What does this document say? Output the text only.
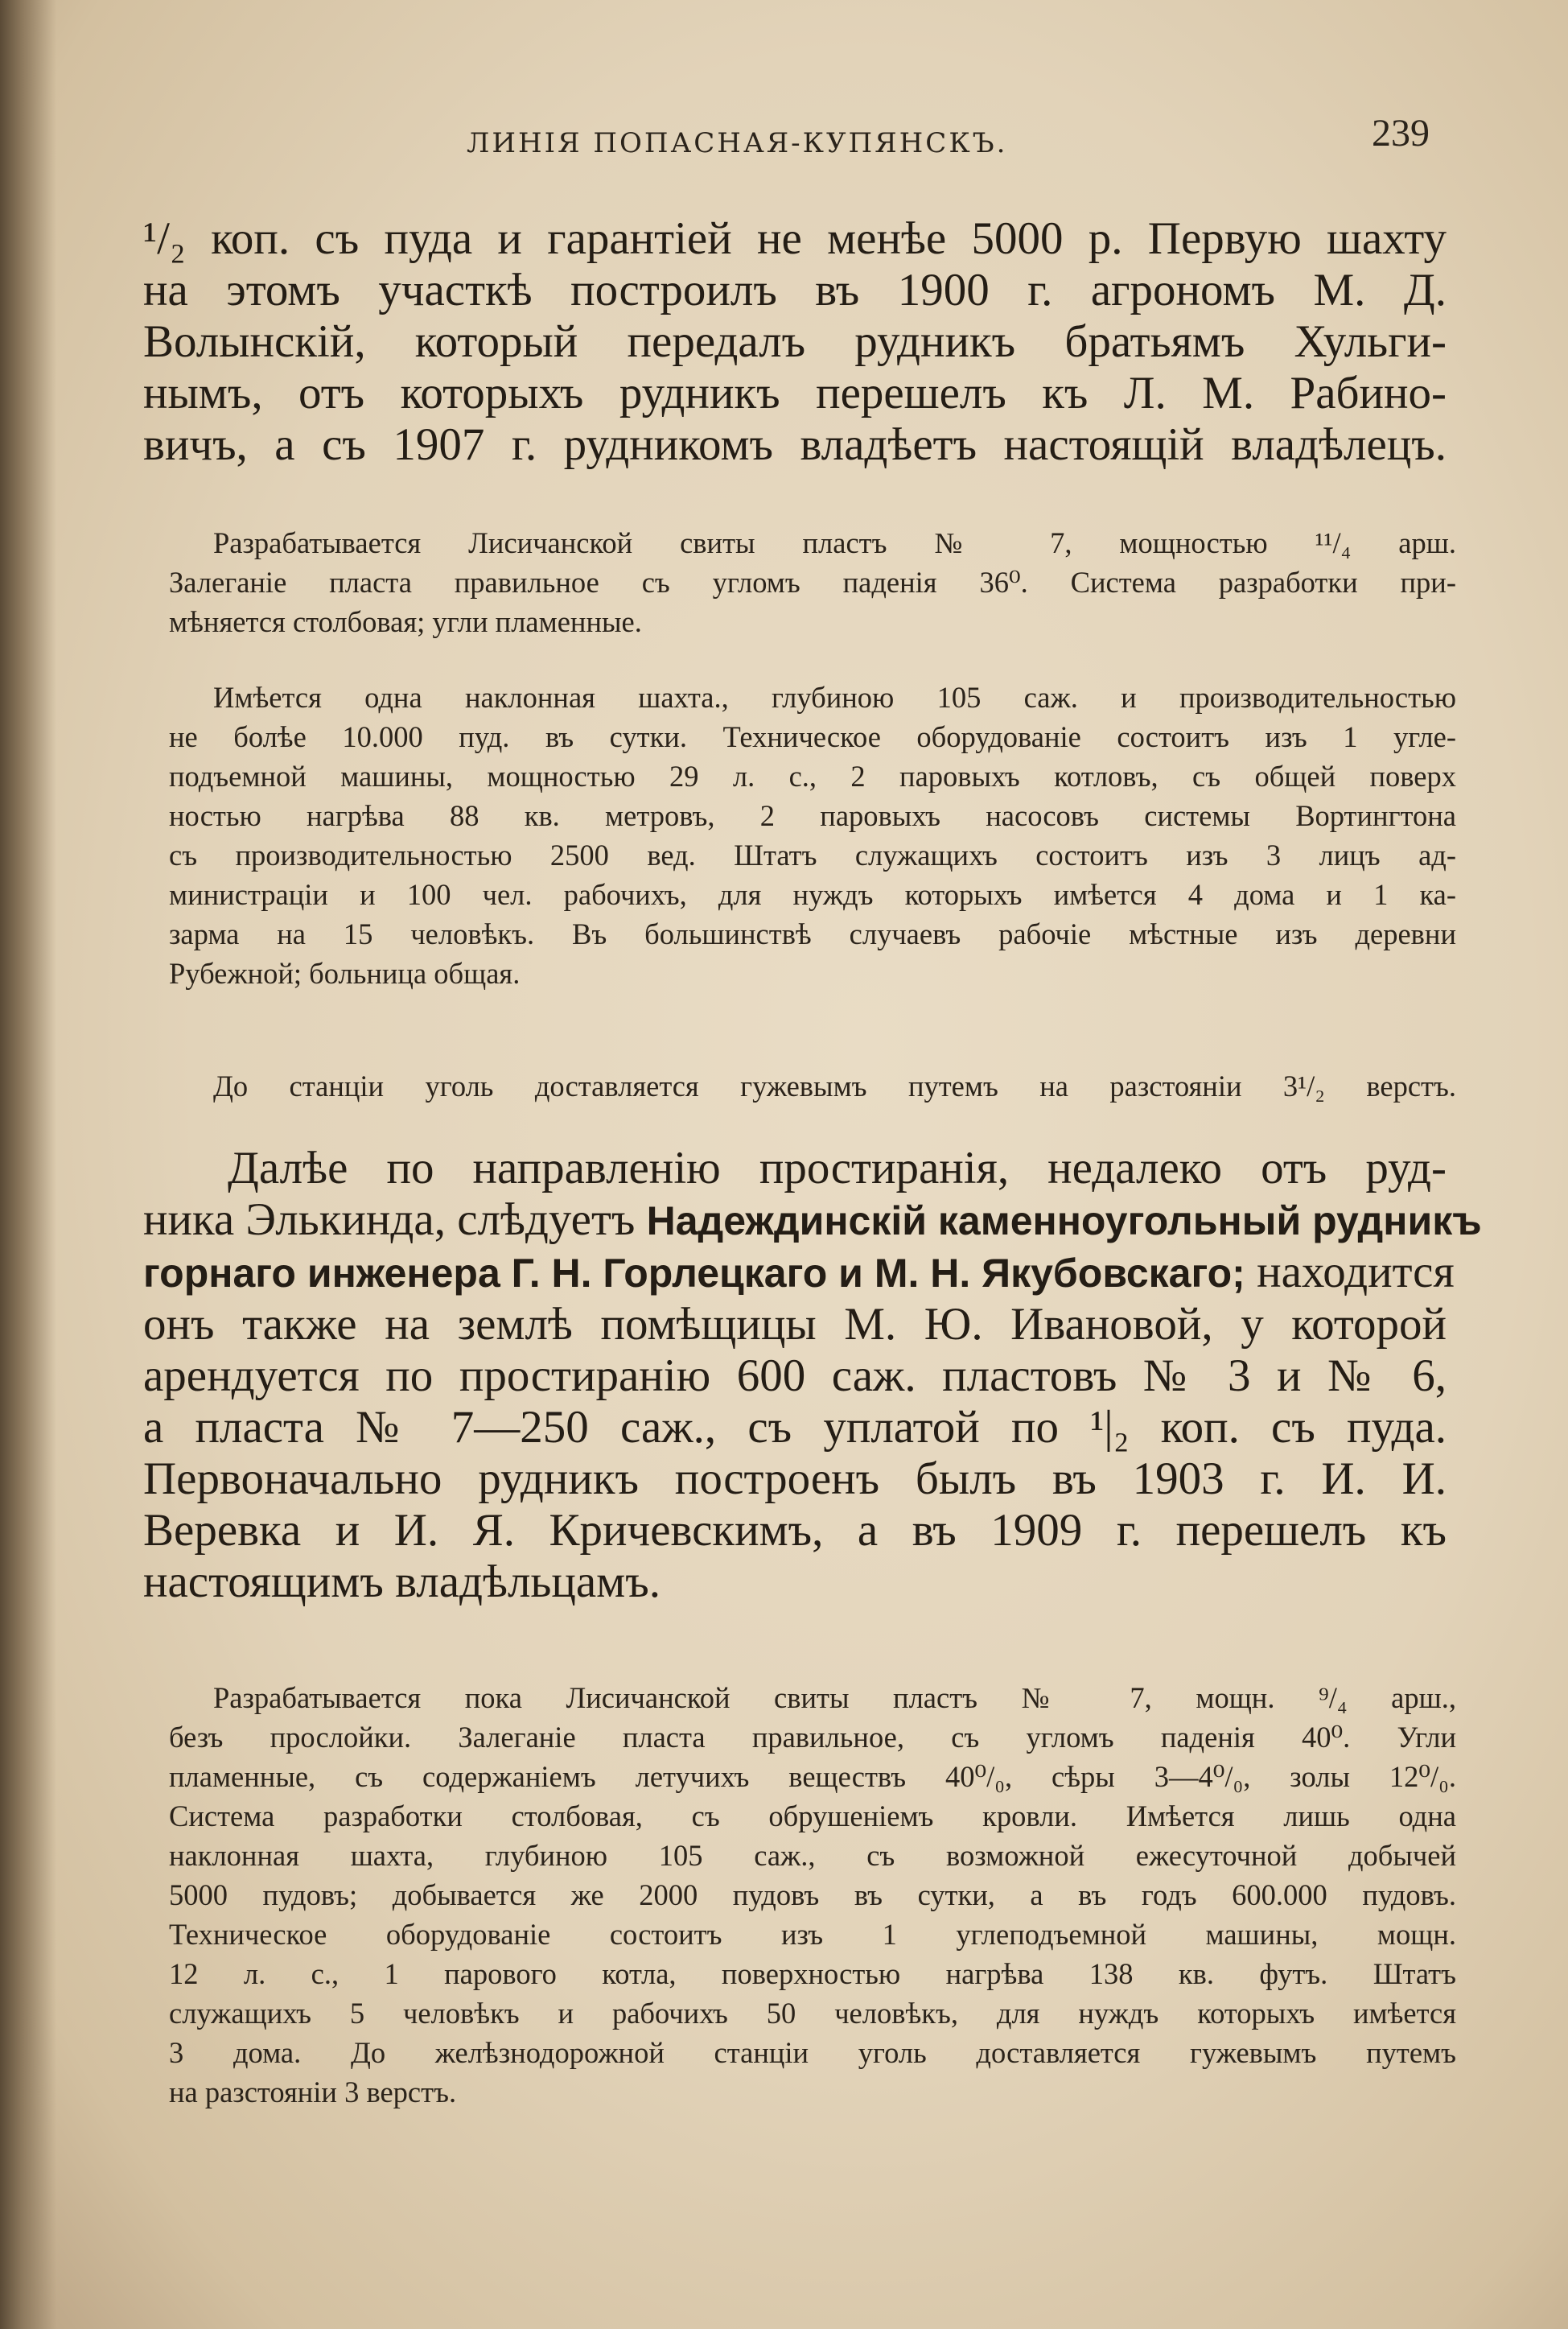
ЛИНІЯ ПОПАСНАЯ-КУПЯНСКЪ.	239
¹/₂ коп. съ пуда и гарантіей не менѣе 5000 р. Первую шахту
на этомъ участкѣ построилъ въ 1900 г. агрономъ М. Д.
Волынскій, который передалъ рудникъ братьямъ Хульги-
нымъ, отъ которыхъ рудникъ перешелъ къ Л. М. Рабино-
вичъ, а съ 1907 г. рудникомъ владѣетъ настоящій владѣлецъ.
Разрабатывается Лисичанской свиты пластъ № 7, мощностью ¹¹/₄ арш.
Залеганіе пласта правильное съ угломъ паденія 36⁰. Система разработки при-
мѣняется столбовая; угли пламенные.
Имѣется одна наклонная шахта., глубиною 105 саж. и производительностью
не болѣе 10.000 пуд. въ сутки. Техническое оборудованіе состоитъ изъ 1 угле-
подъемной машины, мощностью 29 л. с., 2 паровыхъ котловъ, съ общей поверх
ностью нагрѣва 88 кв. метровъ, 2 паровыхъ насосовъ системы Вортингтона
съ производительностью 2500 вед. Штатъ служащихъ состоитъ изъ 3 лицъ ад-
министраціи и 100 чел. рабочихъ, для нуждъ которыхъ имѣется 4 дома и 1 ка-
зарма на 15 человѣкъ. Въ большинствѣ случаевъ рабочіе мѣстные изъ деревни
Рубежной; больница общая.
До станціи уголь доставляется гужевымъ путемъ на разстояніи 3¹/₂ верстъ.
Далѣе по направленію простиранія, недалеко отъ руд-
ника Элькинда, слѣдуетъ Надеждинскій каменноугольный рудникъ
горнаго инженера Г. Н. Горлецкаго и М. Н. Якубовскаго; находится
онъ также на землѣ помѣщицы М. Ю. Ивановой, у которой
арендуется по простиранію 600 саж. пластовъ № 3 и № 6,
а пласта № 7—250 саж., съ уплатой по ¹|₂ коп. съ пуда.
Первоначально рудникъ построенъ былъ въ 1903 г. И. И.
Веревка и И. Я. Кричевскимъ, а въ 1909 г. перешелъ къ
настоящимъ владѣльцамъ.
Разрабатывается пока Лисичанской свиты пластъ № 7, мощн. ⁹/₄ арш.,
безъ прослойки. Залеганіе пласта правильное, съ угломъ паденія 40⁰. Угли
пламенные, съ содержаніемъ летучихъ веществъ 40⁰/₀, сѣры 3—4⁰/₀, золы 12⁰/₀.
Система разработки столбовая, съ обрушеніемъ кровли. Имѣется лишь одна
наклонная шахта, глубиною 105 саж., съ возможной ежесуточной добычей
5000 пудовъ; добывается же 2000 пудовъ въ сутки, а въ годъ 600.000 пудовъ.
Техническое оборудованіе состоитъ изъ 1 углеподъемной машины, мощн.
12 л. с., 1 парового котла, поверхностью нагрѣва 138 кв. футъ. Штатъ
служащихъ 5 человѣкъ и рабочихъ 50 человѣкъ, для нуждъ которыхъ имѣется
3 дома. До желѣзнодорожной станціи уголь доставляется гужевымъ путемъ
на разстояніи 3 верстъ.
